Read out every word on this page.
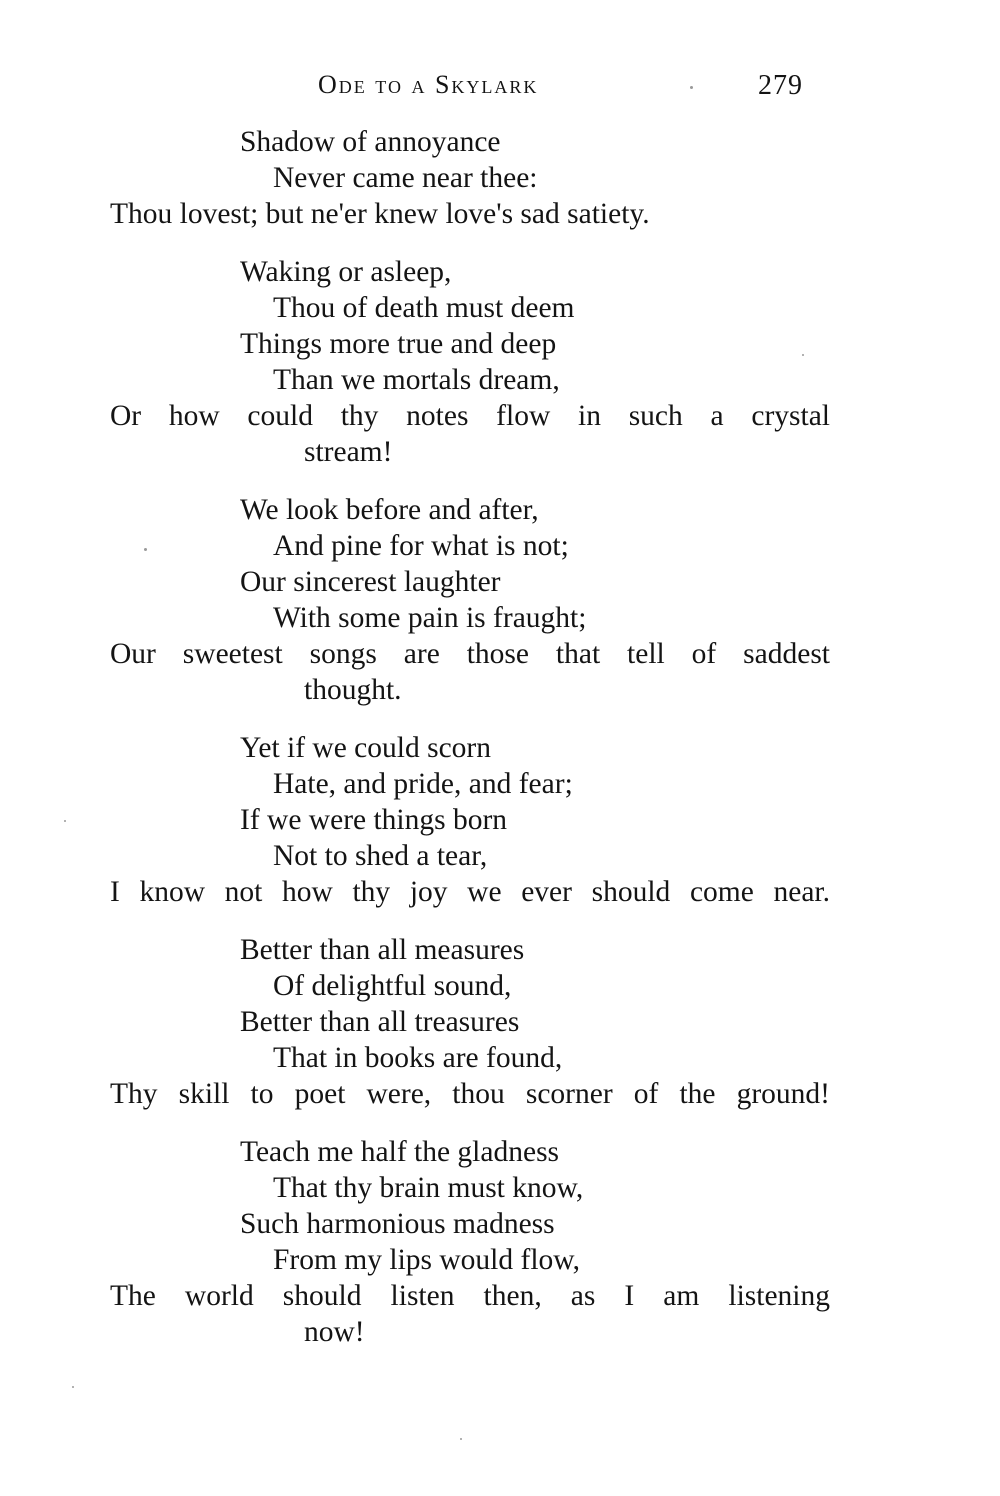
Ode to a Skylark	279
Shadow of annoyance
Never came near thee:
Thou lovest; but ne'er knew love's sad satiety.
Waking or asleep,
Thou of death must deem
Things more true and deep
Than we mortals dream,
Or how could thy notes flow in such a crystal
stream!
We look before and after,
And pine for what is not;
Our sincerest laughter
With some pain is fraught;
Our sweetest songs are those that tell of saddest
thought.
Yet if we could scorn
Hate, and pride, and fear;
If we were things born
Not to shed a tear,
I know not how thy joy we ever should come near.
Better than all measures
Of delightful sound,
Better than all treasures
That in books are found,
Thy skill to poet were, thou scorner of the ground!
Teach me half the gladness
That thy brain must know,
Such harmonious madness
From my lips would flow,
The world should listen then, as I am listening
now!
